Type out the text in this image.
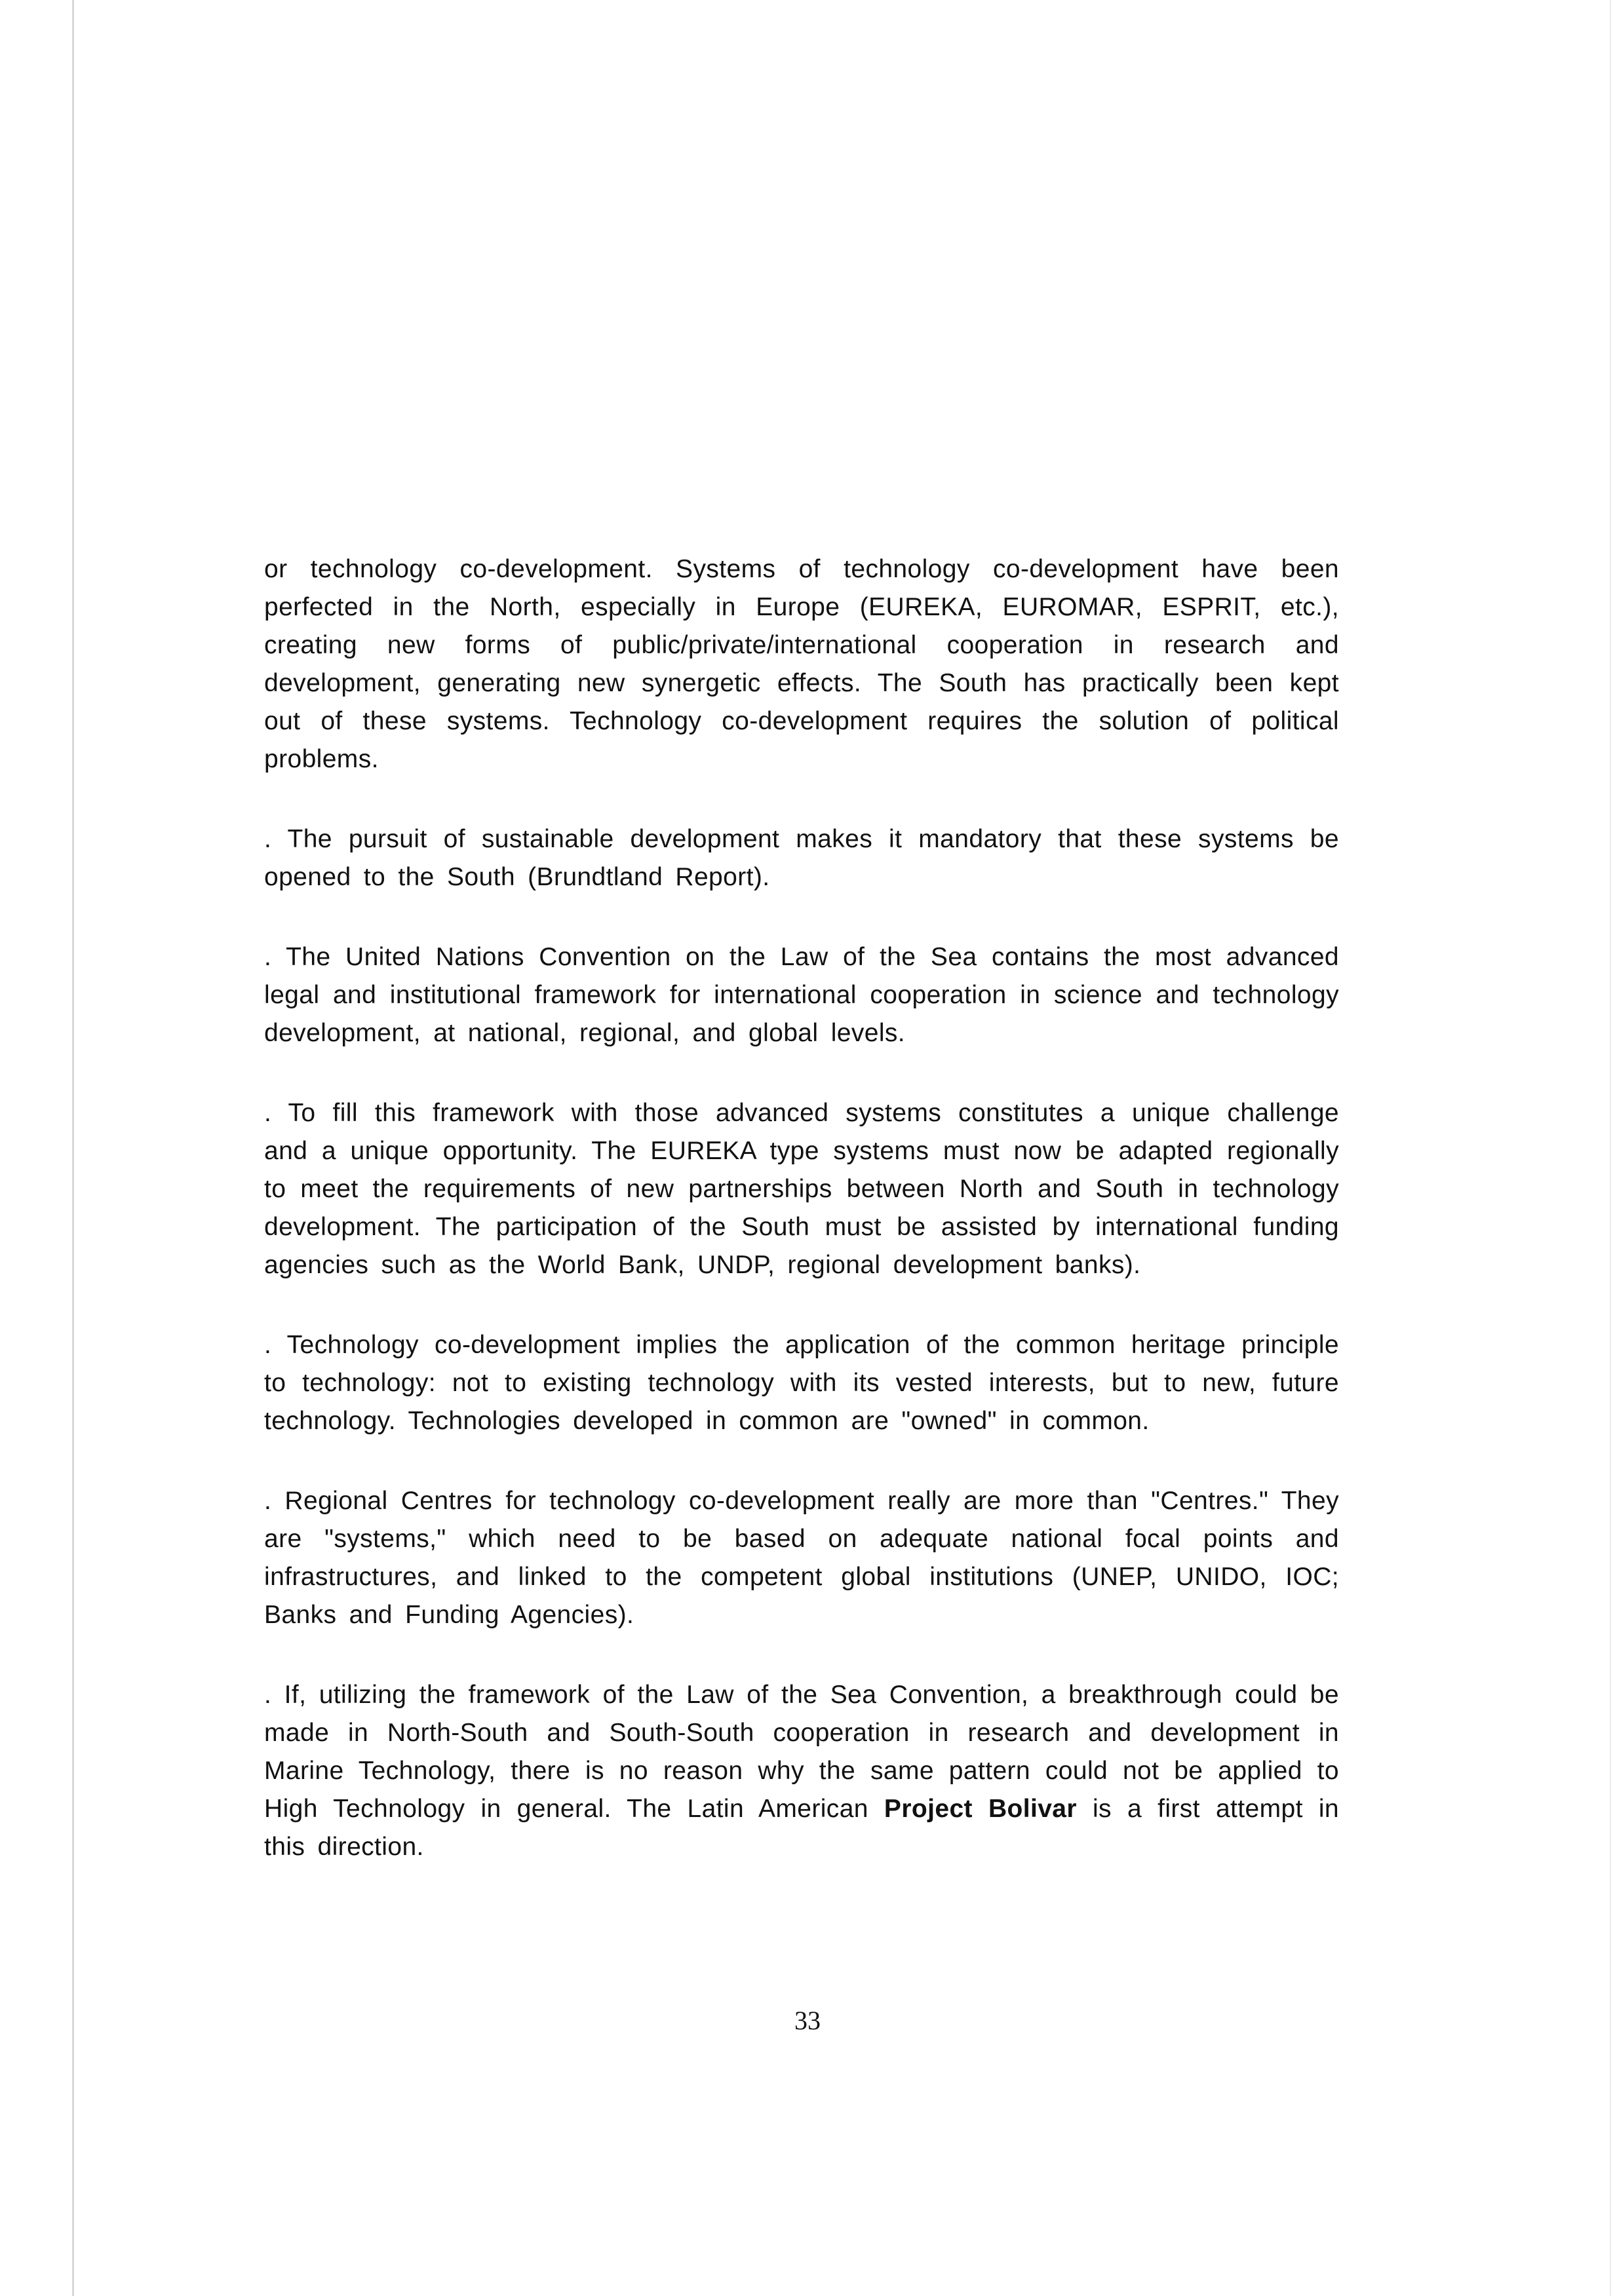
or technology co-development. Systems of technology co-development have been perfected in the North, especially in Europe (EUREKA, EUROMAR, ESPRIT, etc.), creating new forms of public/private/international cooperation in research and development, generating new synergetic effects. The South has practically been kept out of these systems. Technology co-development requires the solution of political problems.

. The pursuit of sustainable development makes it mandatory that these systems be opened to the South (Brundtland Report).

. The United Nations Convention on the Law of the Sea contains the most advanced legal and institutional framework for international cooperation in science and technology development, at national, regional, and global levels.

. To fill this framework with those advanced systems constitutes a unique challenge and a unique opportunity. The EUREKA type systems must now be adapted regionally to meet the requirements of new partnerships between North and South in technology development. The participation of the South must be assisted by international funding agencies such as the World Bank, UNDP, regional development banks).

. Technology co-development implies the application of the common heritage principle to technology: not to existing technology with its vested interests, but to new, future technology. Technologies developed in common are "owned" in common.

. Regional Centres for technology co-development really are more than "Centres." They are "systems," which need to be based on adequate national focal points and infrastructures, and linked to the competent global institutions (UNEP, UNIDO, IOC; Banks and Funding Agencies).

. If, utilizing the framework of the Law of the Sea Convention, a breakthrough could be made in North-South and South-South cooperation in research and development in Marine Technology, there is no reason why the same pattern could not be applied to High Technology in general. The Latin American Project Bolivar is a first attempt in this direction.

33
